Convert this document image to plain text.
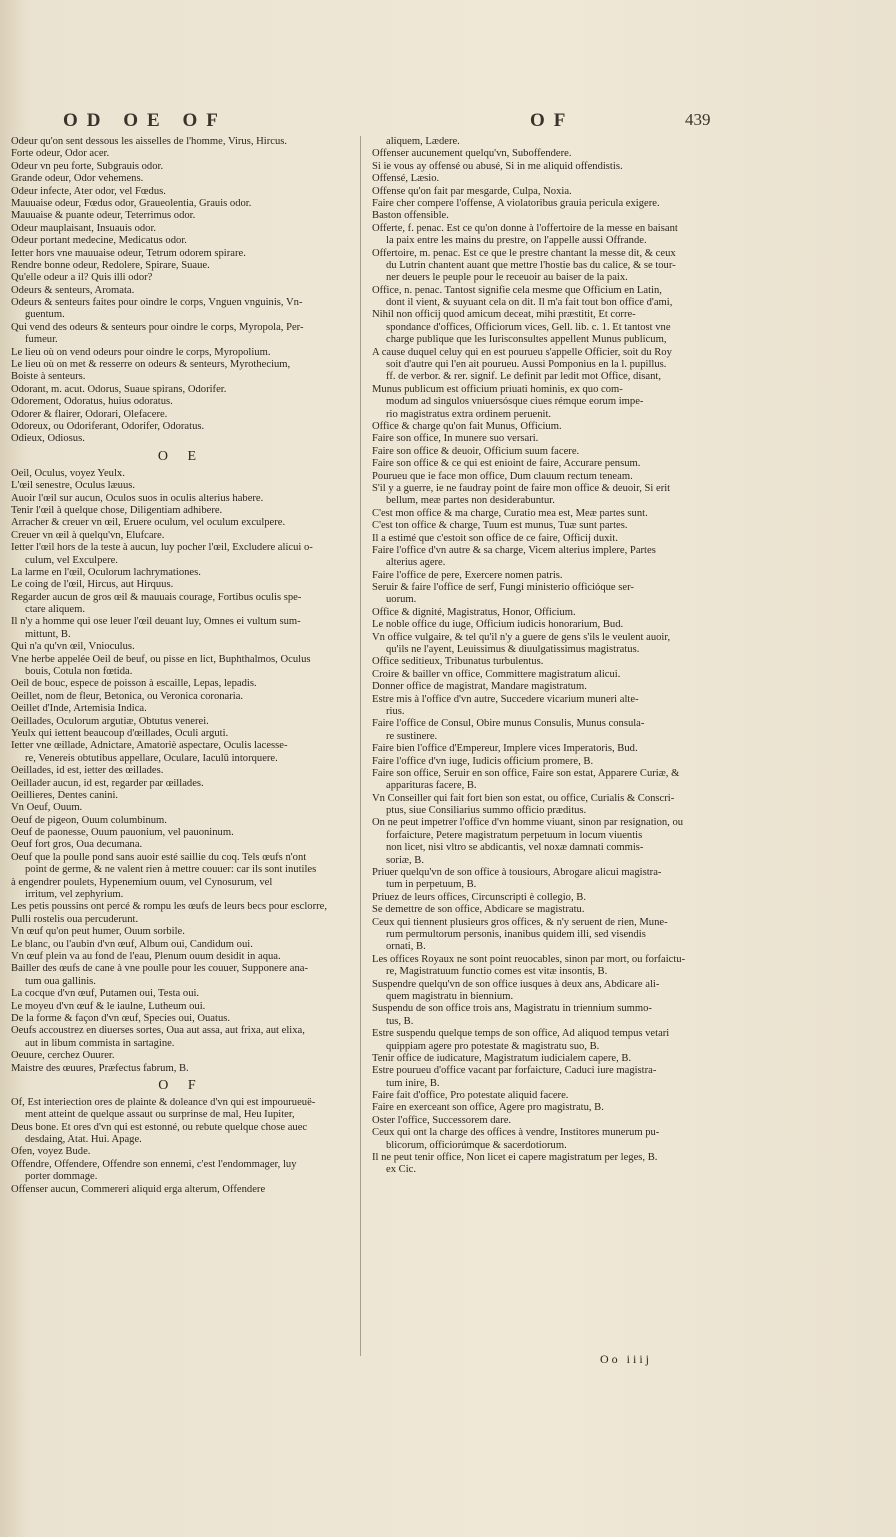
OD OE OF	OF	439
Odeur qu'on sent dessous les aisselles de l'homme, Virus, Hircus.
Forte odeur, Odor acer.
Odeur vn peu forte, Subgrauis odor.
Grande odeur, Odor vehemens.
Odeur infecte, Ater odor, vel Fœdus.
Mauuaise odeur, Fœdus odor, Graueolentia, Grauis odor.
Mauuaise & puante odeur, Teterrimus odor.
Odeur mauplaisant, Insuauis odor.
Odeur portant medecine, Medicatus odor.
Ietter hors vne mauuaise odeur, Tetrum odorem spirare.
Rendre bonne odeur, Redolere, Spirare, Suaue.
Qu'elle odeur a il? Quis illi odor?
Odeurs & senteurs, Aromata.
Odeurs & senteurs faites pour oindre le corps, Vnguen vnguinis, Vn-
guentum.
Qui vend des odeurs & senteurs pour oindre le corps, Myropola, Per-
fumeur.
Le lieu où on vend odeurs pour oindre le corps, Myropolium.
Le lieu où on met & resserre on odeurs & senteurs, Myrothecium,
Boiste à senteurs.
Odorant, m. acut. Odorus, Suaue spirans, Odorifer.
Odorement, Odoratus, huius odoratus.
Odorer & flairer, Odorari, Olefacere.
Odoreux, ou Odoriferant, Odorifer, Odoratus.
Odieux, Odiosus.
O E
Oeil, Oculus, voyez Yeulx.
L'œil senestre, Oculus læuus.
Auoir l'œil sur aucun, Oculos suos in oculis alterius habere.
Tenir l'œil à quelque chose, Diligentiam adhibere.
Arracher & creuer vn œil, Eruere oculum, vel oculum exculpere.
Creuer vn œil à quelqu'vn, Elufcare.
Ietter l'œil hors de la teste à aucun, luy pocher l'œil, Excludere alicui o-
culum, vel Exculpere.
La larme en l'œil, Oculorum lachrymationes.
Le coing de l'œil, Hircus, aut Hirquus.
Regarder aucun de gros œil & mauuais courage, Fortibus oculis spe-
ctare aliquem.
Il n'y a homme qui ose leuer l'œil deuant luy, Omnes ei vultum sum-
mittunt, B.
Qui n'a qu'vn œil, Vnioculus.
Vne herbe appelée Oeil de beuf, ou pisse en lict, Buphthalmos, Oculus
bouis, Cotula non fœtida.
Oeil de bouc, espece de poisson à escaille, Lepas, lepadis.
Oeillet, nom de fleur, Betonica, ou Veronica coronaria.
Oeillet d'Inde, Artemisia Indica.
Oeillades, Oculorum argutiæ, Obtutus venerei.
Yeulx qui iettent beaucoup d'œillades, Oculi arguti.
Ietter vne œillade, Adnictare, Amatoriè aspectare, Oculis lacesse-
re, Venereis obtutibus appellare, Oculare, Iaculū intorquere.
Oeillades, id est, ietter des œillades.
Oeillader aucun, id est, regarder par œillades.
Oeillieres, Dentes canini.
Vn Oeuf, Ouum.
Oeuf de pigeon, Ouum columbinum.
Oeuf de paonesse, Ouum pauonium, vel pauoninum.
Oeuf fort gros, Oua decumana.
Oeuf que la poulle pond sans auoir esté saillie du coq. Tels œufs n'ont
point de germe, & ne valent rien à mettre couuer: car ils sont inutiles
à engendrer poulets, Hypenemium ouum, vel Cynosurum, vel
irritum, vel zephyrium.
Les petis poussins ont percé & rompu les œufs de leurs becs pour esclorre,
Pulli rostelis oua percuderunt.
Vn œuf qu'on peut humer, Ouum sorbile.
Le blanc, ou l'aubin d'vn œuf, Album oui, Candidum oui.
Vn œuf plein va au fond de l'eau, Plenum ouum desidit in aqua.
Bailler des œufs de cane à vne poulle pour les couuer, Supponere ana-
tum oua gallinis.
La cocque d'vn œuf, Putamen oui, Testa oui.
Le moyeu d'vn œuf & le iaulne, Lutheum oui.
De la forme & façon d'vn œuf, Species oui, Ouatus.
Oeufs accoustrez en diuerses sortes, Oua aut assa, aut frixa, aut elixa,
aut in libum commista in sartagine.
Oeuure, cerchez Ouurer.
Maistre des œuures, Præfectus fabrum, B.
O F
Of, Est interiection ores de plainte & doleance d'vn qui est impourueuë-
ment atteint de quelque assaut ou surprinse de mal, Heu Iupiter,
Deus bone. Et ores d'vn qui est estonné, ou rebute quelque chose auec
desdaing, Atat. Hui. Apage.
Ofen, voyez Bude.
Offendre, Offendere, Offendre son ennemi, c'est l'endommager, luy
porter dommage.
Offenser aucun, Commereri aliquid erga alterum, Offendere
aliquem, Lædere.
Offenser aucunement quelqu'vn, Suboffendere.
Si ie vous ay offensé ou abusé, Si in me aliquid offendistis.
Offensé, Læsio.
Offense qu'on fait par mesgarde, Culpa, Noxia.
Faire cher compere l'offense, A violatoribus grauia pericula exigere.
Baston offensible.
Offerte, f. penac. Est ce qu'on donne à l'offertoire de la messe en baisant
la paix entre les mains du prestre, on l'appelle aussi Offrande.
Offertoire, m. penac. Est ce que le prestre chantant la messe dit, & ceux
du Lutrin chantent auant que mettre l'hostie bas du calice, & se tour-
ner deuers le peuple pour le receuoir au baiser de la paix.
Office, n. penac. Tantost signifie cela mesme que Officium en Latin,
dont il vient, & suyuant cela on dit. Il m'a fait tout bon office d'ami,
Nihil non officij quod amicum deceat, mihi præstitit, Et corre-
spondance d'offices, Officiorum vices, Gell. lib. c. 1. Et tantost vne
charge publique que les Iurisconsultes appellent Munus publicum,
A cause duquel celuy qui en est pourueu s'appelle Officier, soit du Roy
soit d'autre qui l'en ait pourueu. Aussi Pomponius en la l. pupillus.
ff. de verbor. & rer. signif. Le definit par ledit mot Office, disant,
Munus publicum est officium priuati hominis, ex quo com-
modum ad singulos vniuersósque ciues rémque eorum impe-
rio magistratus extra ordinem peruenit.
Office & charge qu'on fait Munus, Officium.
Faire son office, In munere suo versari.
Faire son office & deuoir, Officium suum facere.
Faire son office & ce qui est enioint de faire, Accurare pensum.
Pourueu que ie face mon office, Dum clauum rectum teneam.
S'il y a guerre, ie ne faudray point de faire mon office & deuoir, Si erit
bellum, meæ partes non desiderabuntur.
C'est mon office & ma charge, Curatio mea est, Meæ partes sunt.
C'est ton office & charge, Tuum est munus, Tuæ sunt partes.
Il a estimé que c'estoit son office de ce faire, Officij duxit.
Faire l'office d'vn autre & sa charge, Vicem alterius implere, Partes
alterius agere.
Faire l'office de pere, Exercere nomen patris.
Seruir & faire l'office de serf, Fungi ministerio officióque ser-
uorum.
Office & dignité, Magistratus, Honor, Officium.
Le noble office du iuge, Officium iudicis honorarium, Bud.
Vn office vulgaire, & tel qu'il n'y a guere de gens s'ils le veulent auoir,
qu'ils ne l'ayent, Leuissimus & diuulgatissimus magistratus.
Office seditieux, Tribunatus turbulentus.
Croire & bailler vn office, Committere magistratum alicui.
Donner office de magistrat, Mandare magistratum.
Estre mis à l'office d'vn autre, Succedere vicarium muneri alte-
rius.
Faire l'office de Consul, Obire munus Consulis, Munus consula-
re sustinere.
Faire bien l'office d'Empereur, Implere vices Imperatoris, Bud.
Faire l'office d'vn iuge, Iudicis officium promere, B.
Faire son office, Seruir en son office, Faire son estat, Apparere Curiæ, &
apparituras facere, B.
Vn Conseiller qui fait fort bien son estat, ou office, Curialis & Conscri-
ptus, siue Consiliarius summo officio præditus.
On ne peut impetrer l'office d'vn homme viuant, sinon par resignation, ou
forfaicture, Petere magistratum perpetuum in locum viuentis
non licet, nisi vltro se abdicantis, vel noxæ damnati commis-
soriæ, B.
Priuer quelqu'vn de son office à tousiours, Abrogare alicui magistra-
tum in perpetuum, B.
Priuez de leurs offices, Circunscripti è collegio, B.
Se demettre de son office, Abdicare se magistratu.
Ceux qui tiennent plusieurs gros offices, & n'y seruent de rien, Mune-
rum permultorum personis, inanibus quidem illi, sed visendis
ornati, B.
Les offices Royaux ne sont point reuocables, sinon par mort, ou forfaictu-
re, Magistratuum functio comes est vitæ insontis, B.
Suspendre quelqu'vn de son office iusques à deux ans, Abdicare ali-
quem magistratu in biennium.
Suspendu de son office trois ans, Magistratu in triennium summo-
tus, B.
Estre suspendu quelque temps de son office, Ad aliquod tempus vetari
quippiam agere pro potestate & magistratu suo, B.
Tenir office de iudicature, Magistratum iudicialem capere, B.
Estre pourueu d'office vacant par forfaicture, Caduci iure magistra-
tum inire, B.
Faire fait d'office, Pro potestate aliquid facere.
Faire en exerceant son office, Agere pro magistratu, B.
Oster l'office, Successorem dare.
Ceux qui ont la charge des offices à vendre, Institores munerum pu-
blicorum, officiorúmque & sacerdotiorum.
Il ne peut tenir office, Non licet ei capere magistratum per leges, B.
ex Cic.
Oo iiij
